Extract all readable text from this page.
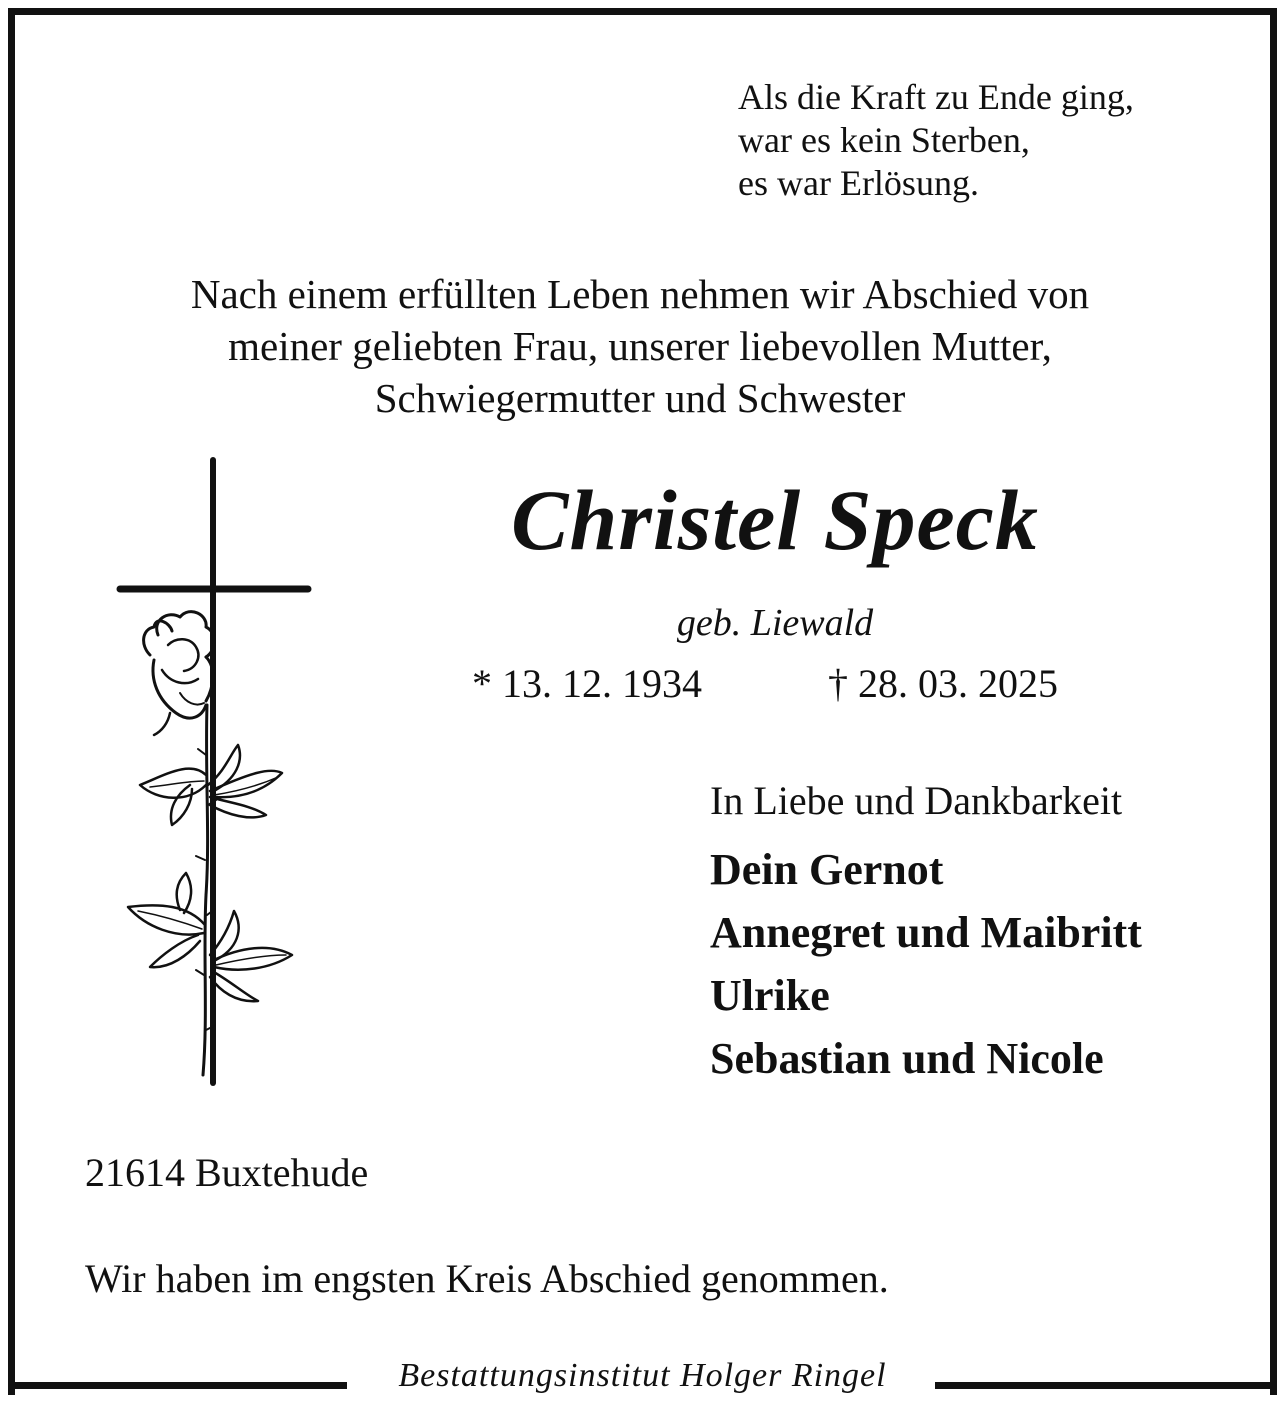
Als die Kraft zu Ende ging,
war es kein Sterben,
es war Erlösung.
Nach einem erfüllten Leben nehmen wir Abschied von
meiner geliebten Frau, unserer liebevollen Mutter,
Schwiegermutter und Schwester
Christel Speck
geb. Liewald
* 13. 12. 1934	† 28. 03. 2025
In Liebe und Dankbarkeit
Dein Gernot
Annegret und Maibritt
Ulrike
Sebastian und Nicole
21614 Buxtehude
Wir haben im engsten Kreis Abschied genommen.
Bestattungsinstitut Holger Ringel
